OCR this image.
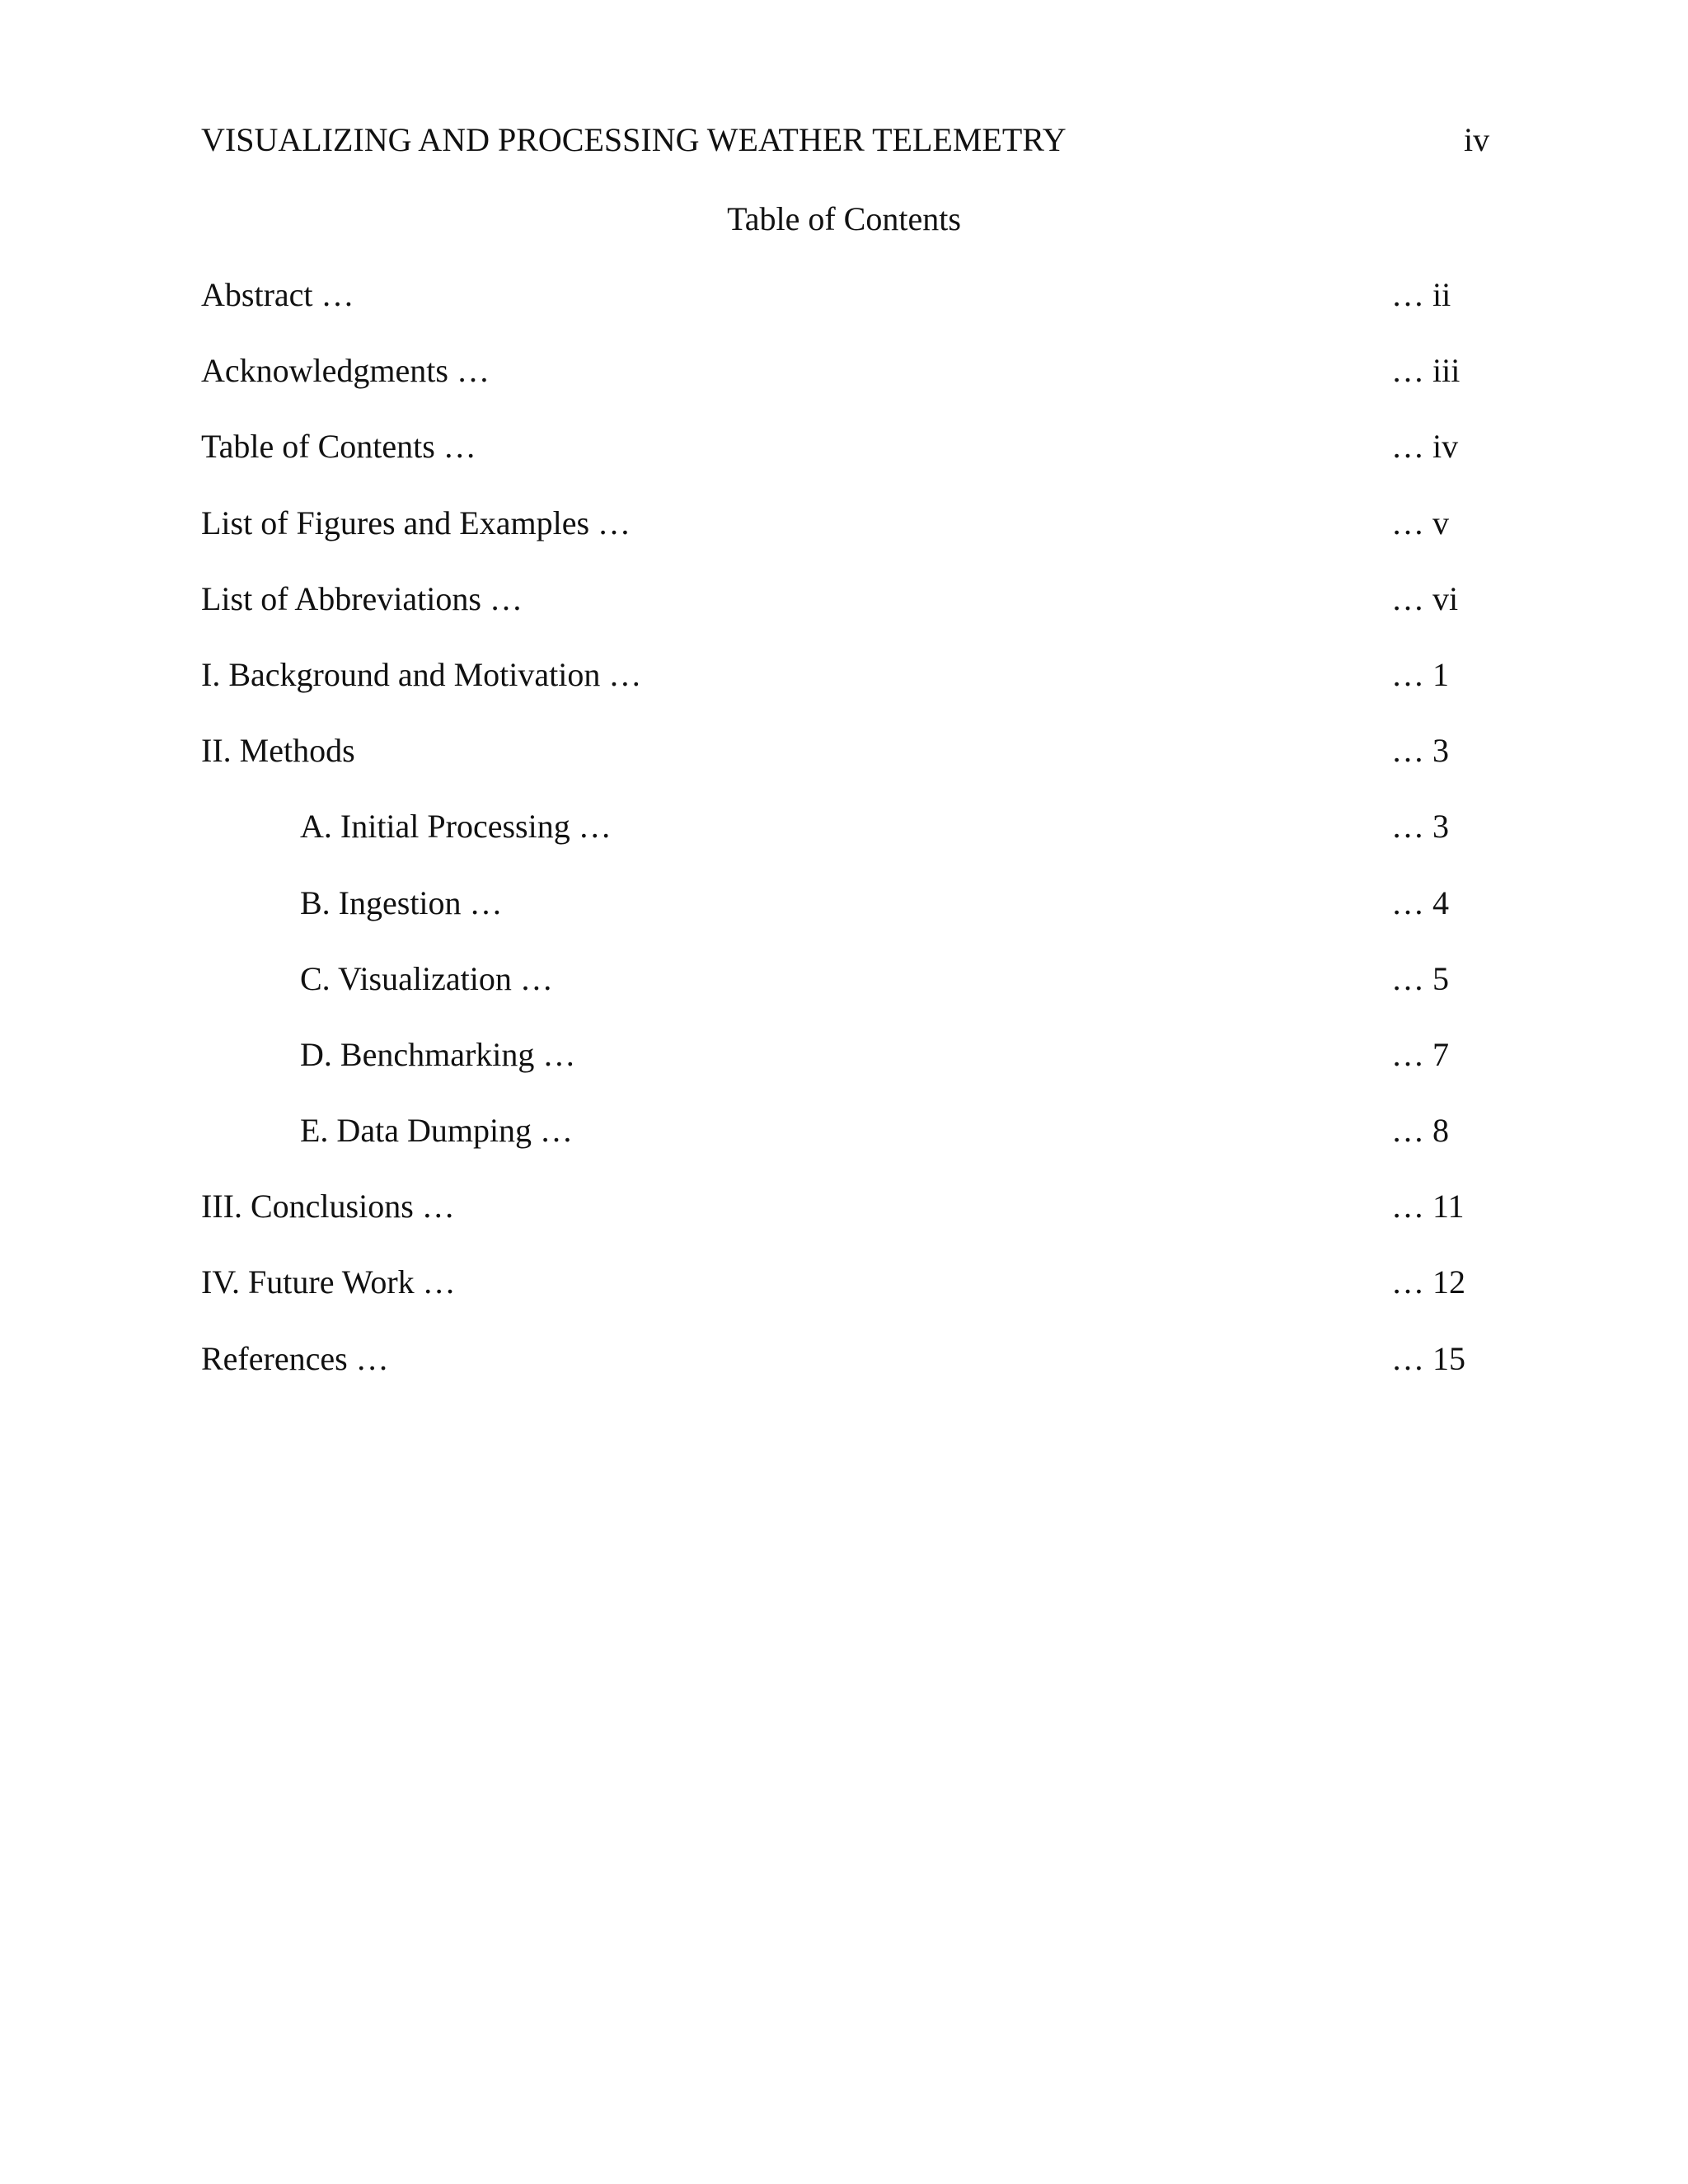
VISUALIZING AND PROCESSING WEATHER TELEMETRY	iv
Table of Contents
Abstract …	… ii
Acknowledgments …	… iii
Table of Contents …	… iv
List of Figures and Examples …	… v
List of Abbreviations …	… vi
I. Background and Motivation …	… 1
II. Methods	… 3
A. Initial Processing …	… 3
B. Ingestion …	… 4
C. Visualization …	… 5
D. Benchmarking …	… 7
E. Data Dumping …	… 8
III. Conclusions …	… 11
IV. Future Work …	… 12
References …	… 15
